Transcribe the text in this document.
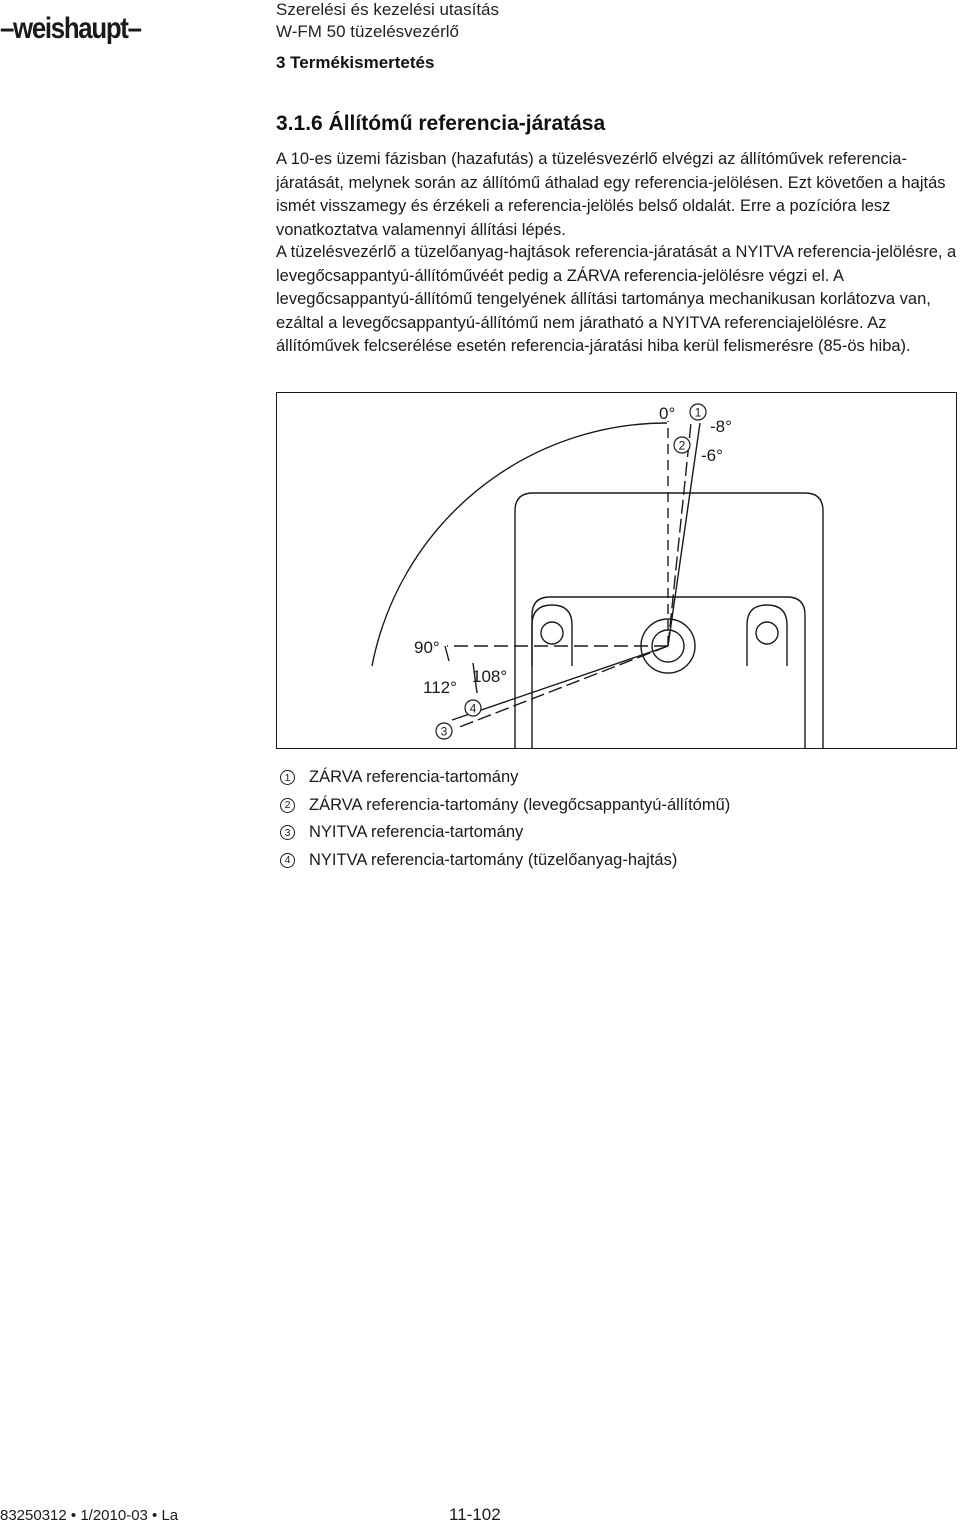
–weishaupt–
Szerelési és kezelési utasítás
W-FM 50 tüzelésvezérlő
3 Termékismertetés
3.1.6 Állítómű referencia-járatása

A 10-es üzemi fázisban (hazafutás) a tüzelésvezérlő elvégzi az állítóművek referencia-járatását, melynek során az állítómű áthalad egy referencia-jelölésen. Ezt követően a hajtás ismét visszamegy és érzékeli a referencia-jelölés belső oldalát. Erre a pozícióra lesz vonatkoztatva valamennyi állítási lépés.

A tüzelésvezérlő a tüzelőanyag-hajtások referencia-járatását a NYITVA referencia-jelölésre, a levegőcsappantyú-állítóművéét pedig a ZÁRVA referencia-jelölésre végzi el. A levegőcsappantyú-állítómű tengelyének állítási tartománya mechanikusan korlátozva van, ezáltal a levegőcsappantyú-állítómű nem járatható a NYITVA referenciajelölésre. Az állítóművek felcserélése esetén referencia-járatási hiba kerül felismerésre (85-ös hiba).

0°
-8°
-6°
90°
112°
108°
1
2
3
4
1 ZÁRVA referencia-tartomány
2 ZÁRVA referencia-tartomány (levegőcsappantyú-állítómű)
3 NYITVA referencia-tartomány
4 NYITVA referencia-tartomány (tüzelőanyag-hajtás)
83250312 • 1/2010-03 • La	11-102
